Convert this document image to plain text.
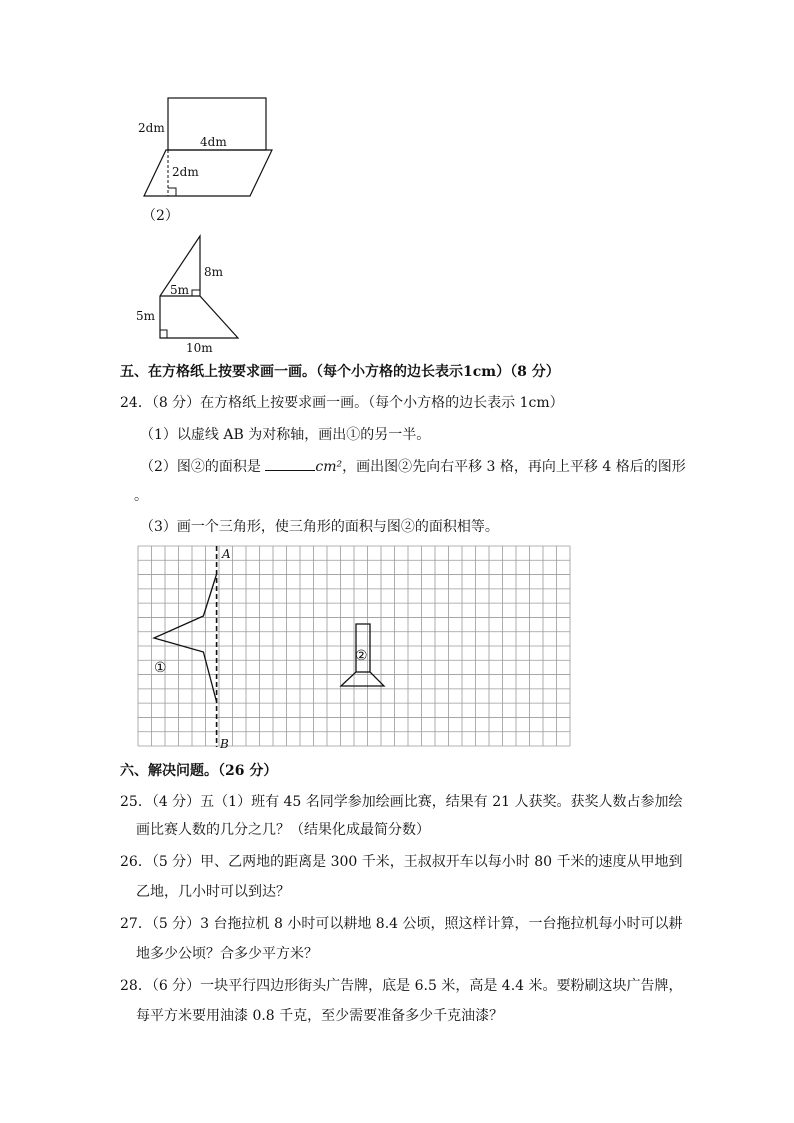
2dm
4dm
2dm
（2）
8m
5m
5m
10m
五、在方格纸上按要求画一画。（每个小方格的边长表示1cm）（8 分）
24．（8 分）在方格纸上按要求画一画。（每个小方格的边长表示 1cm）
（1）以虚线 AB 为对称轴，画出①的另一半。
（2）图②的面积是	cm²，画出图②先向右平移 3 格，再向上平移 4 格后的图形
。
（3）画一个三角形，使三角形的面积与图②的面积相等。
A
B
①
②
六、解决问题。（26 分）
25．（4 分）五（1）班有 45 名同学参加绘画比赛，结果有 21 人获奖。获奖人数占参加绘
画比赛人数的几分之几？（结果化成最简分数）
26．（5 分）甲、乙两地的距离是 300 千米，王叔叔开车以每小时 80 千米的速度从甲地到
乙地，几小时可以到达？
27．（5 分）3 台拖拉机 8 小时可以耕地 8.4 公顷，照这样计算，一台拖拉机每小时可以耕
地多少公顷？合多少平方米？
28．（6 分）一块平行四边形街头广告牌，底是 6.5 米，高是 4.4 米。要粉刷这块广告牌，
每平方米要用油漆 0.8 千克，至少需要准备多少千克油漆？
